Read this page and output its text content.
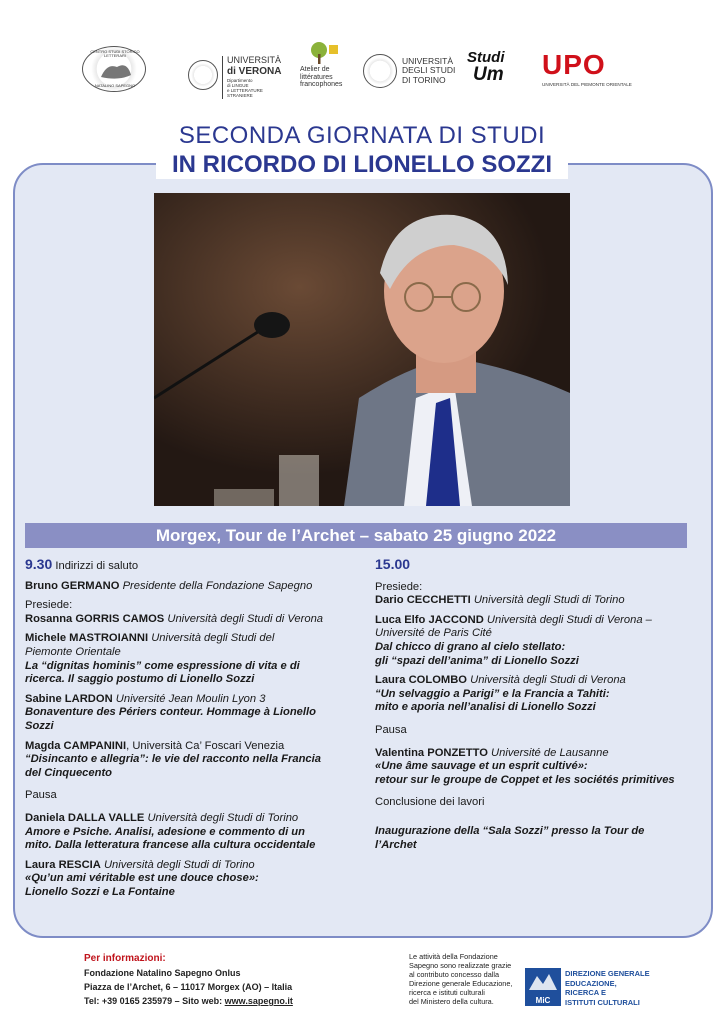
CENTRO STUDI STORICO LETTERARI
NATALINO SAPEGNO
UNIVERSITÀ
di VERONA
Dipartimento
di LINGUE
e LETTERATURE STRANIERE
Atelier de
littératures
francophones
UNIVERSITÀ
DEGLI STUDI
DI TORINO
Studi
Um	UPO
UNIVERSITÀ DEL PIEMONTE ORIENTALE
SECONDA GIORNATA DI STUDI
IN RICORDO DI LIONELLO SOZZI
Morgex, Tour de l’Archet – sabato 25 giugno 2022
9.30 Indirizzi di saluto
Bruno GERMANO Presidente della Fondazione Sapegno
Presiede:
Rosanna GORRIS CAMOS Università degli Studi di Verona
Michele MASTROIANNI Università degli Studi del
Piemonte Orientale
La “dignitas hominis” come espressione di vita e di
ricerca. Il saggio postumo di Lionello Sozzi
Sabine LARDON Université Jean Moulin Lyon 3
Bonaventure des Périers conteur. Hommage à Lionello
Sozzi
Magda CAMPANINI, Università Ca’ Foscari Venezia
“Disincanto e allegria”: le vie del racconto nella Francia
del Cinquecento
Pausa
Daniela DALLA VALLE Università degli Studi di Torino
Amore e Psiche. Analisi, adesione e commento di un
mito. Dalla letteratura francese alla cultura occidentale
Laura RESCIA Università degli Studi di Torino
«Qu’un ami véritable est une douce chose»:
Lionello Sozzi e La Fontaine
15.00
Presiede:
Dario CECCHETTI Università degli Studi di Torino
Luca Elfo JACCOND Università degli Studi di Verona –
Université de Paris Cité
Dal chicco di grano al cielo stellato:
gli “spazi dell’anima” di Lionello Sozzi
Laura COLOMBO Università degli Studi di Verona
“Un selvaggio a Parigi” e la Francia a Tahiti:
mito e aporia nell’analisi di Lionello Sozzi
Pausa
Valentina PONZETTO Université de Lausanne
«Une âme sauvage et un esprit cultivé»:
retour sur le groupe de Coppet et les sociétés primitives
Conclusione dei lavori
Inaugurazione della “Sala Sozzi” presso la Tour de
l’Archet
Per informazioni:
Fondazione Natalino Sapegno Onlus
Piazza de l’Archet, 6 – 11017 Morgex (AO) – Italia
Tel: +39 0165 235979 – Sito web: www.sapegno.it
Le attività della Fondazione
Sapegno sono realizzate grazie
al contributo concesso dalla
Direzione generale Educazione,
ricerca e istituti culturali
del Ministero della cultura.	MiC
DIREZIONE GENERALE
EDUCAZIONE,
RICERCA E
ISTITUTI CULTURALI
